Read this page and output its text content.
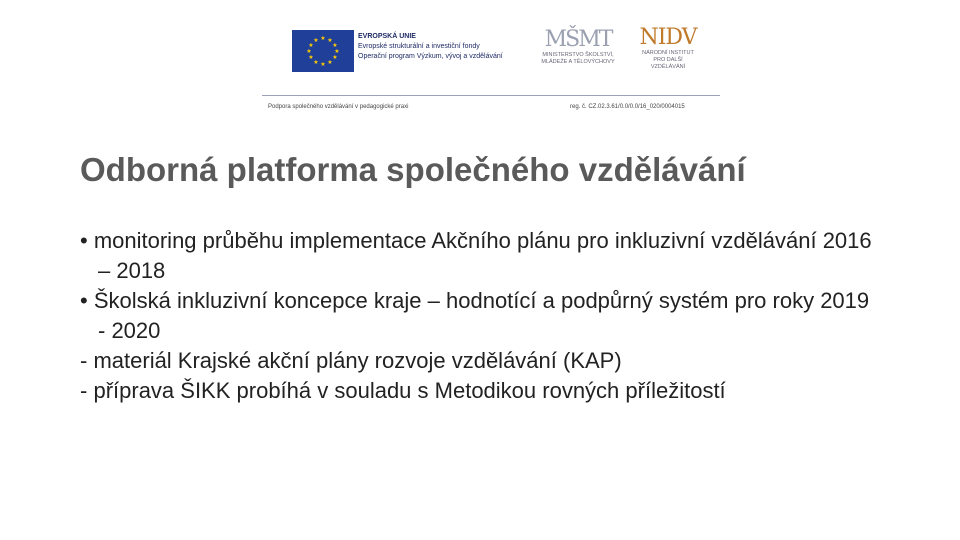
★ ★
★
★
★
★
★
★
★
★
★
★
EVROPSKÁ UNIE
Evropské strukturální a investiční fondy
Operační program Výzkum, vývoj a vzdělávání
MŠMT
MINISTERSTVO ŠKOLSTVÍ, MLÁDEŽE A TĚLOVÝCHOVY
NIDV
NÁRODNÍ INSTITUT
PRO DALŠÍ
VZDĚLÁVÁNÍ
Podpora společného vzdělávání v pedagogické praxi	reg. č. CZ.02.3.61/0.0/0.0/16_020/0004015
Odborná platforma společného vzdělávání

• monitoring průběhu implementace Akčního plánu pro inkluzivní vzdělávání 2016 – 2018

• Školská inkluzivní koncepce kraje – hodnotící a podpůrný systém pro roky 2019 - 2020

- materiál Krajské akční plány rozvoje vzdělávání (KAP)

- příprava ŠIKK probíhá v souladu s Metodikou rovných příležitostí
